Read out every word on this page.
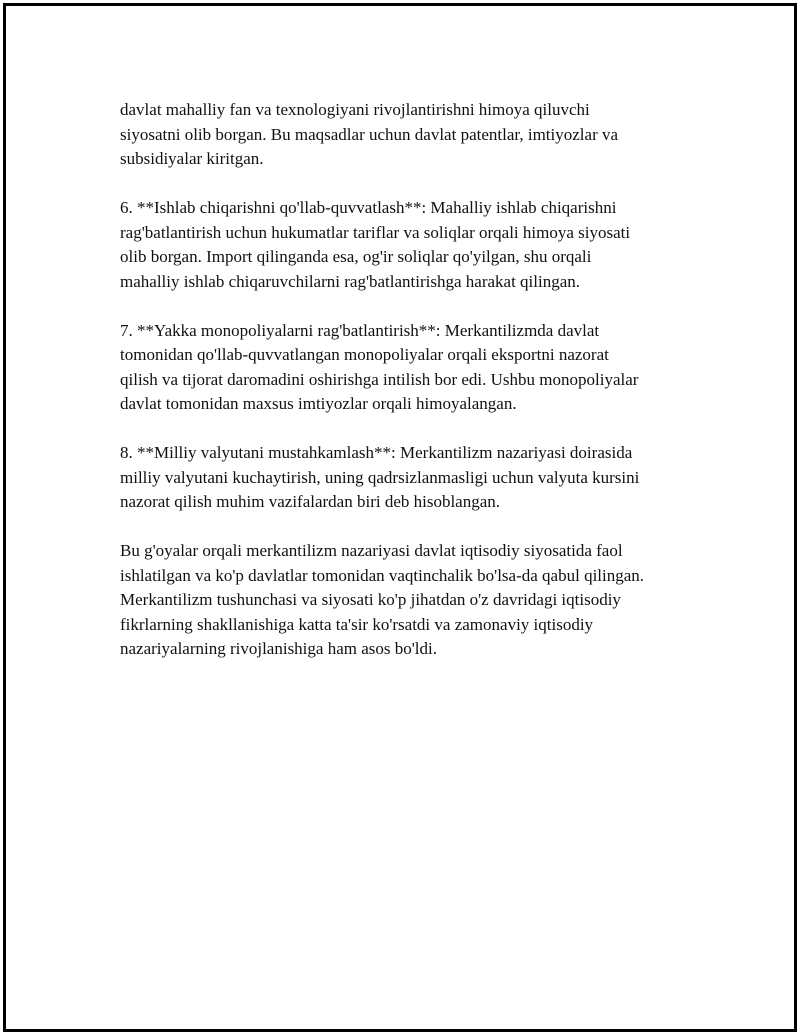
davlat mahalliy fan va texnologiyani rivojlantirishni himoya qiluvchi
siyosatni olib borgan. Bu maqsadlar uchun davlat patentlar, imtiyozlar va
subsidiyalar kiritgan.

6. **Ishlab chiqarishni qo'llab-quvvatlash**: Mahalliy ishlab chiqarishni
rag'batlantirish uchun hukumatlar tariflar va soliqlar orqali himoya siyosati
olib borgan. Import qilinganda esa, og'ir soliqlar qo'yilgan, shu orqali
mahalliy ishlab chiqaruvchilarni rag'batlantirishga harakat qilingan.

7. **Yakka monopoliyalarni rag'batlantirish**: Merkantilizmda davlat
tomonidan qo'llab-quvvatlangan monopoliyalar orqali eksportni nazorat
qilish va tijorat daromadini oshirishga intilish bor edi. Ushbu monopoliyalar
davlat tomonidan maxsus imtiyozlar orqali himoyalangan.

8. **Milliy valyutani mustahkamlash**: Merkantilizm nazariyasi doirasida
milliy valyutani kuchaytirish, uning qadrsizlanmasligi uchun valyuta kursini
nazorat qilish muhim vazifalardan biri deb hisoblangan.

Bu g'oyalar orqali merkantilizm nazariyasi davlat iqtisodiy siyosatida faol
ishlatilgan va ko'p davlatlar tomonidan vaqtinchalik bo'lsa-da qabul qilingan.
Merkantilizm tushunchasi va siyosati ko'p jihatdan o'z davridagi iqtisodiy
fikrlarning shakllanishiga katta ta'sir ko'rsatdi va zamonaviy iqtisodiy
nazariyalarning rivojlanishiga ham asos bo'ldi.
